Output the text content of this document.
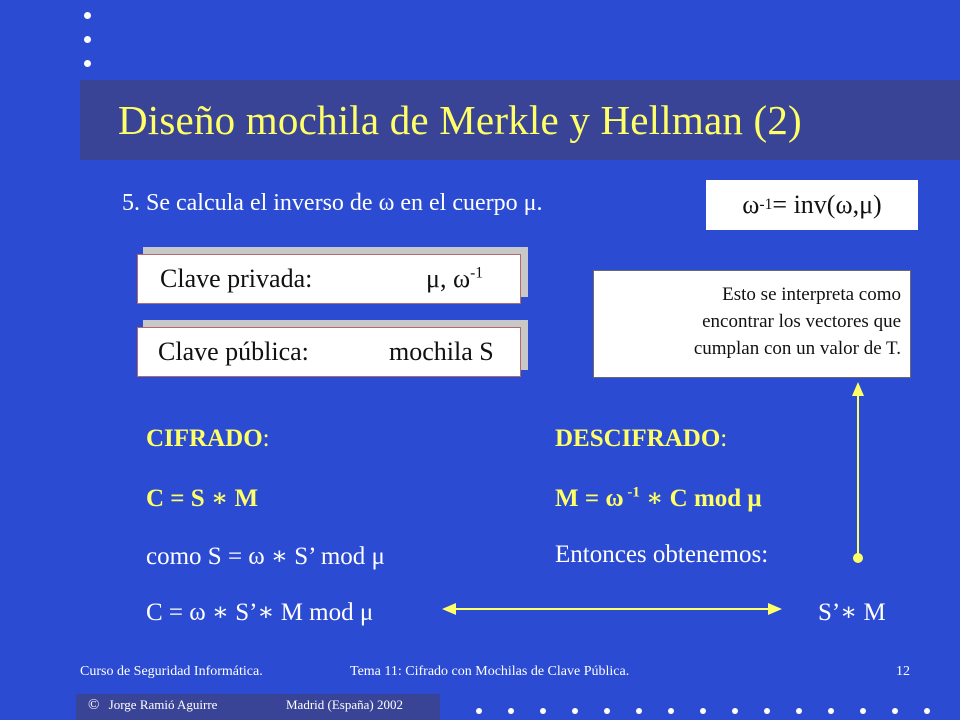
Diseño mochila de Merkle y Hellman (2)
5. Se calcula el inverso de ω en el cuerpo μ.	ω -1 = inv(ω,μ)
Clave privada:	μ, $\omega^{-1}$
Clave pública:	mochila S
Esto se interpreta como
encontrar los vectores que
cumplan con un valor de T.
CIFRADO:
C = S ∗ M
como S = ω ∗ S’ mod μ
C = ω ∗ S’∗ M mod μ
DESCIFRADO:
M = ω $^{-1}$ ∗ C mod μ
Entonces obtenemos:
S’∗ M
Curso de Seguridad Informática.	Tema 11: Cifrado con Mochilas de Clave Pública.	12
© Jorge Ramió Aguirre	Madrid (España) 2002
